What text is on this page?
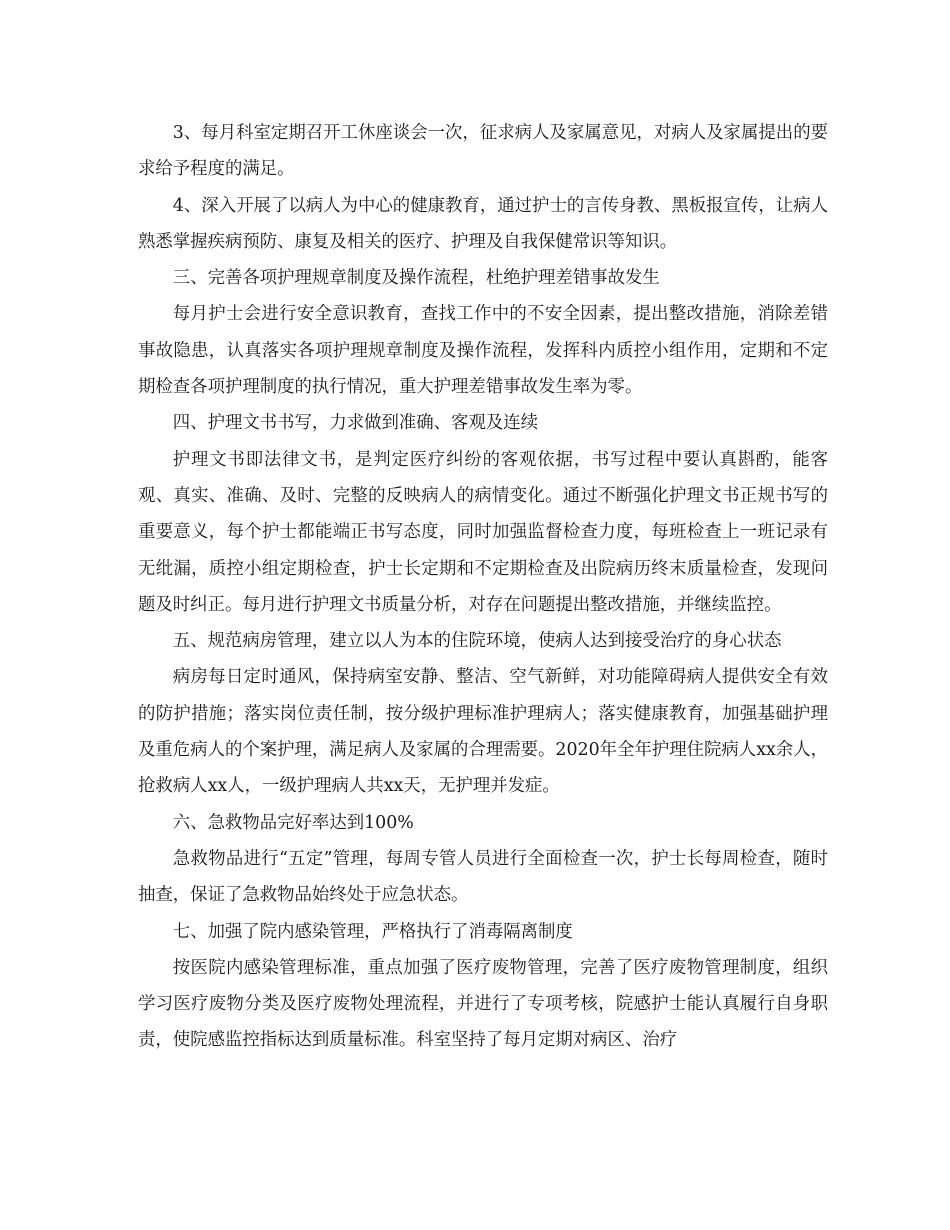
3、每月科室定期召开工休座谈会一次，征求病人及家属意见，对病人及家属提出的要求给予程度的满足。

4、深入开展了以病人为中心的健康教育，通过护士的言传身教、黑板报宣传，让病人熟悉掌握疾病预防、康复及相关的医疗、护理及自我保健常识等知识。

三、完善各项护理规章制度及操作流程，杜绝护理差错事故发生

每月护士会进行安全意识教育，查找工作中的不安全因素，提出整改措施，消除差错事故隐患，认真落实各项护理规章制度及操作流程，发挥科内质控小组作用，定期和不定期检查各项护理制度的执行情况，重大护理差错事故发生率为零。

四、护理文书书写，力求做到准确、客观及连续

护理文书即法律文书，是判定医疗纠纷的客观依据，书写过程中要认真斟酌，能客观、真实、准确、及时、完整的反映病人的病情变化。通过不断强化护理文书正规书写的重要意义，每个护士都能端正书写态度，同时加强监督检查力度，每班检查上一班记录有无纰漏，质控小组定期检查，护士长定期和不定期检查及出院病历终末质量检查，发现问题及时纠正。每月进行护理文书质量分析，对存在问题提出整改措施，并继续监控。

五、规范病房管理，建立以人为本的住院环境，使病人达到接受治疗的身心状态

病房每日定时通风，保持病室安静、整洁、空气新鲜，对功能障碍病人提供安全有效的防护措施；落实岗位责任制，按分级护理标准护理病人；落实健康教育，加强基础护理及重危病人的个案护理，满足病人及家属的合理需要。2020年全年护理住院病人xx余人，抢救病人xx人，一级护理病人共xx天，无护理并发症。

六、急救物品完好率达到100%

急救物品进行“五定”管理，每周专管人员进行全面检查一次，护士长每周检查，随时抽查，保证了急救物品始终处于应急状态。

七、加强了院内感染管理，严格执行了消毒隔离制度

按医院内感染管理标准，重点加强了医疗废物管理，完善了医疗废物管理制度，组织学习医疗废物分类及医疗废物处理流程，并进行了专项考核，院感护士能认真履行自身职责，使院感监控指标达到质量标准。科室坚持了每月定期对病区、治疗
